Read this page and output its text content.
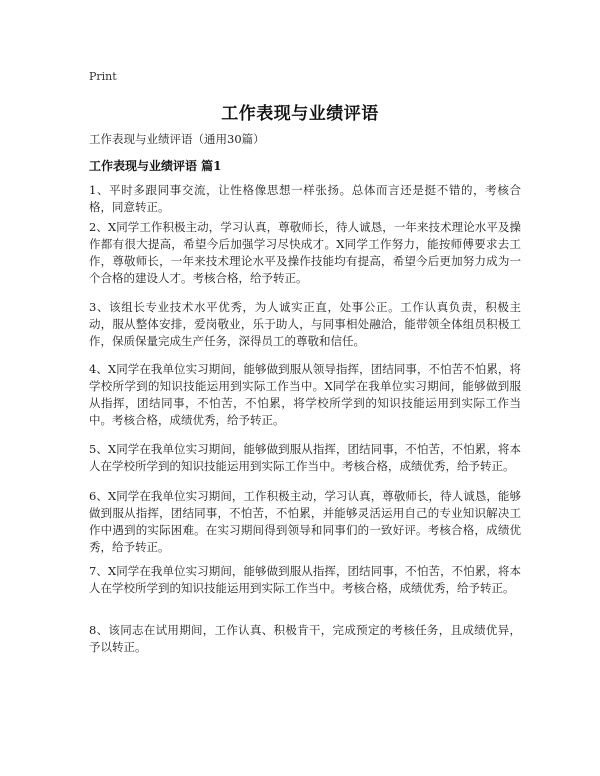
Print
工作表现与业绩评语
工作表现与业绩评语（通用30篇）
工作表现与业绩评语 篇1

1、平时多跟同事交流，让性格像思想一样张扬。总体而言还是挺不错的，考核合格，同意转正。

2、X同学工作积极主动，学习认真，尊敬师长，待人诚恳，一年来技术理论水平及操作都有很大提高，希望今后加强学习尽快成才。X同学工作努力，能按师傅要求去工作，尊敬师长，一年来技术理论水平及操作技能均有提高，希望今后更加努力成为一个合格的建设人才。考核合格，给予转正。

3、该组长专业技术水平优秀，为人诚实正直，处事公正。工作认真负责，积极主动，服从整体安排，爱岗敬业，乐于助人，与同事相处融洽，能带领全体组员积极工作，保质保量完成生产任务，深得员工的尊敬和信任。

4、X同学在我单位实习期间，能够做到服从领导指挥，团结同事，不怕苦不怕累，将学校所学到的知识技能运用到实际工作当中。X同学在我单位实习期间，能够做到服从指挥，团结同事，不怕苦，不怕累，将学校所学到的知识技能运用到实际工作当中。考核合格，成绩优秀，给予转正。

5、X同学在我单位实习期间，能够做到服从指挥，团结同事，不怕苦，不怕累，将本人在学校所学到的知识技能运用到实际工作当中。考核合格，成绩优秀，给予转正。

6、X同学在我单位实习期间，工作积极主动，学习认真，尊敬师长，待人诚恳，能够做到服从指挥，团结同事，不怕苦，不怕累，并能够灵活运用自己的专业知识解决工作中遇到的实际困难。在实习期间得到领导和同事们的一致好评。考核合格，成绩优秀，给予转正。

7、X同学在我单位实习期间，能够做到服从指挥，团结同事，不怕苦，不怕累，将本人在学校所学到的知识技能运用到实际工作当中。考核合格，成绩优秀，给予转正。

8、该同志在试用期间，工作认真、积极肯干，完成预定的考核任务，且成绩优异，予以转正。
